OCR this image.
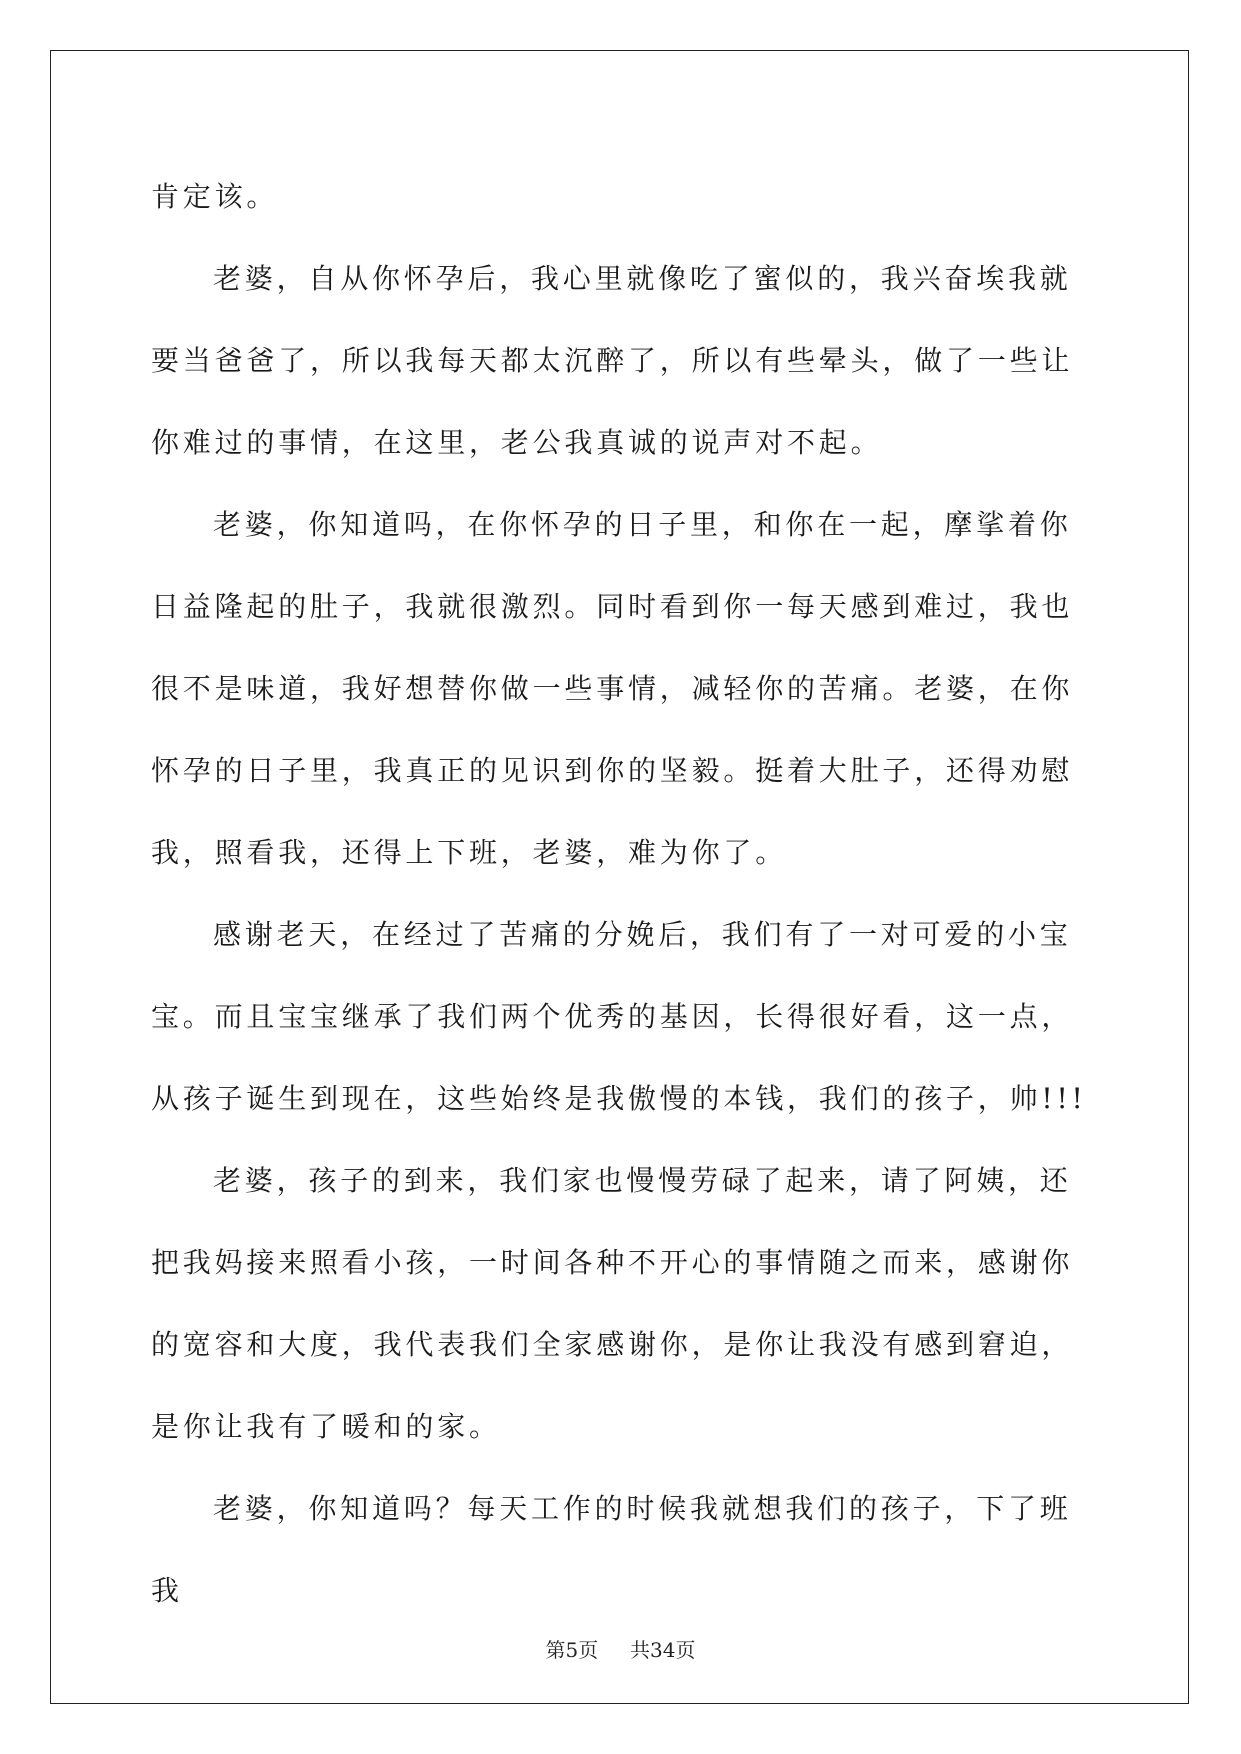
肯定该。

老婆，自从你怀孕后，我心里就像吃了蜜似的，我兴奋埃我就要当爸爸了，所以我每天都太沉醉了，所以有些晕头，做了一些让你难过的事情，在这里，老公我真诚的说声对不起。

老婆，你知道吗，在你怀孕的日子里，和你在一起，摩挲着你日益隆起的肚子，我就很激烈。同时看到你一每天感到难过，我也很不是味道，我好想替你做一些事情，减轻你的苦痛。老婆，在你怀孕的日子里，我真正的见识到你的坚毅。挺着大肚子，还得劝慰我，照看我，还得上下班，老婆，难为你了。

感谢老天，在经过了苦痛的分娩后，我们有了一对可爱的小宝宝。而且宝宝继承了我们两个优秀的基因，长得很好看，这一点，从孩子诞生到现在，这些始终是我傲慢的本钱，我们的孩子，帅!!!

老婆，孩子的到来，我们家也慢慢劳碌了起来，请了阿姨，还把我妈接来照看小孩，一时间各种不开心的事情随之而来，感谢你的宽容和大度，我代表我们全家感谢你，是你让我没有感到窘迫，是你让我有了暖和的家。

老婆，你知道吗？每天工作的时候我就想我们的孩子，下了班我

第5页 共34页
